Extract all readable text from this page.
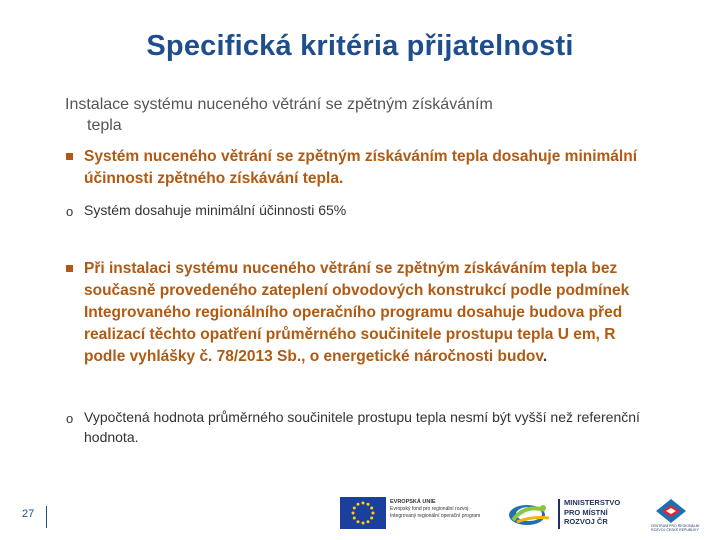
Specifická kritéria přijatelnosti
Instalace systému nuceného větrání se zpětným získáváním
tepla
Systém nuceného větrání se zpětným získáváním tepla dosahuje minimální účinnosti zpětného získávání tepla.
o Systém dosahuje minimální účinnosti 65%
Při instalaci systému nuceného větrání se zpětným získáváním tepla bez současně provedeného zateplení obvodových konstrukcí podle podmínek Integrovaného regionálního operačního programu dosahuje budova před realizací těchto opatření průměrného součinitele prostupu tepla U em, R podle vyhlášky č. 78/2013 Sb., o energetické náročnosti budov.
o Vypočtená hodnota průměrného součinitele prostupu tepla nesmí být vyšší než referenční hodnota.
27
EVROPSKÁ UNIE
Evropský fond pro regionální rozvoj
Integrovaný regionální operační program
MINISTERSTVO
PRO MÍSTNÍ
ROZVOJ ČR	CENTRUM PRO REGIONÁLNÍ ROZVOJ ČESKÉ REPUBLIKY
